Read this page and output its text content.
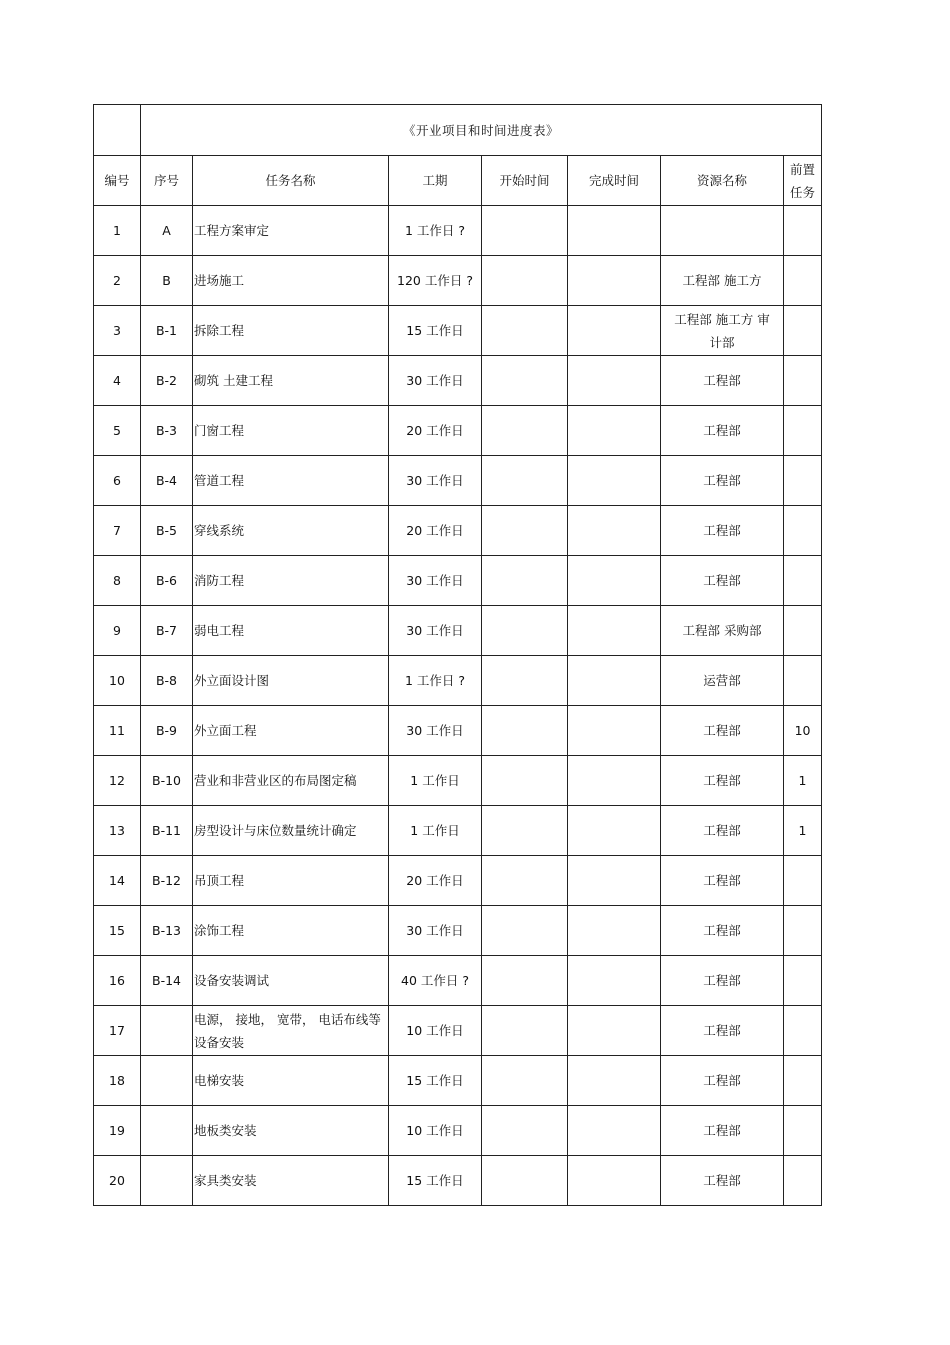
	《开业项目和时间进度表》						
编号	序号	任务名称	工期	开始时间	完成时间	资源名称	前置
任务
1	A	工程方案审定	1 工作日 ?				
2	B	进场施工	120 工作日 ?			工程部 施工方	
3	B-1	拆除工程	15 工作日			工程部 施工方 审
计部	
4	B-2	砌筑 土建工程	30 工作日			工程部	
5	B-3	门窗工程	20 工作日			工程部	
6	B-4	管道工程	30 工作日			工程部	
7	B-5	穿线系统	20 工作日			工程部	
8	B-6	消防工程	30 工作日			工程部	
9	B-7	弱电工程	30 工作日			工程部 采购部	
10	B-8	外立面设计图	1 工作日 ?			运营部	
11	B-9	外立面工程	30 工作日			工程部	10
12	B-10	营业和非营业区的布局图定稿	1 工作日			工程部	1
13	B-11	房型设计与床位数量统计确定	1 工作日			工程部	1
14	B-12	吊顶工程	20 工作日			工程部	
15	B-13	涂饰工程	30 工作日			工程部	
16	B-14	设备安装调试	40 工作日 ?			工程部	
17		电源， 接地， 宽带， 电话布线等设备安装	10 工作日			工程部	
18		电梯安装	15 工作日			工程部	
19		地板类安装	10 工作日			工程部	
20		家具类安装	15 工作日			工程部	
